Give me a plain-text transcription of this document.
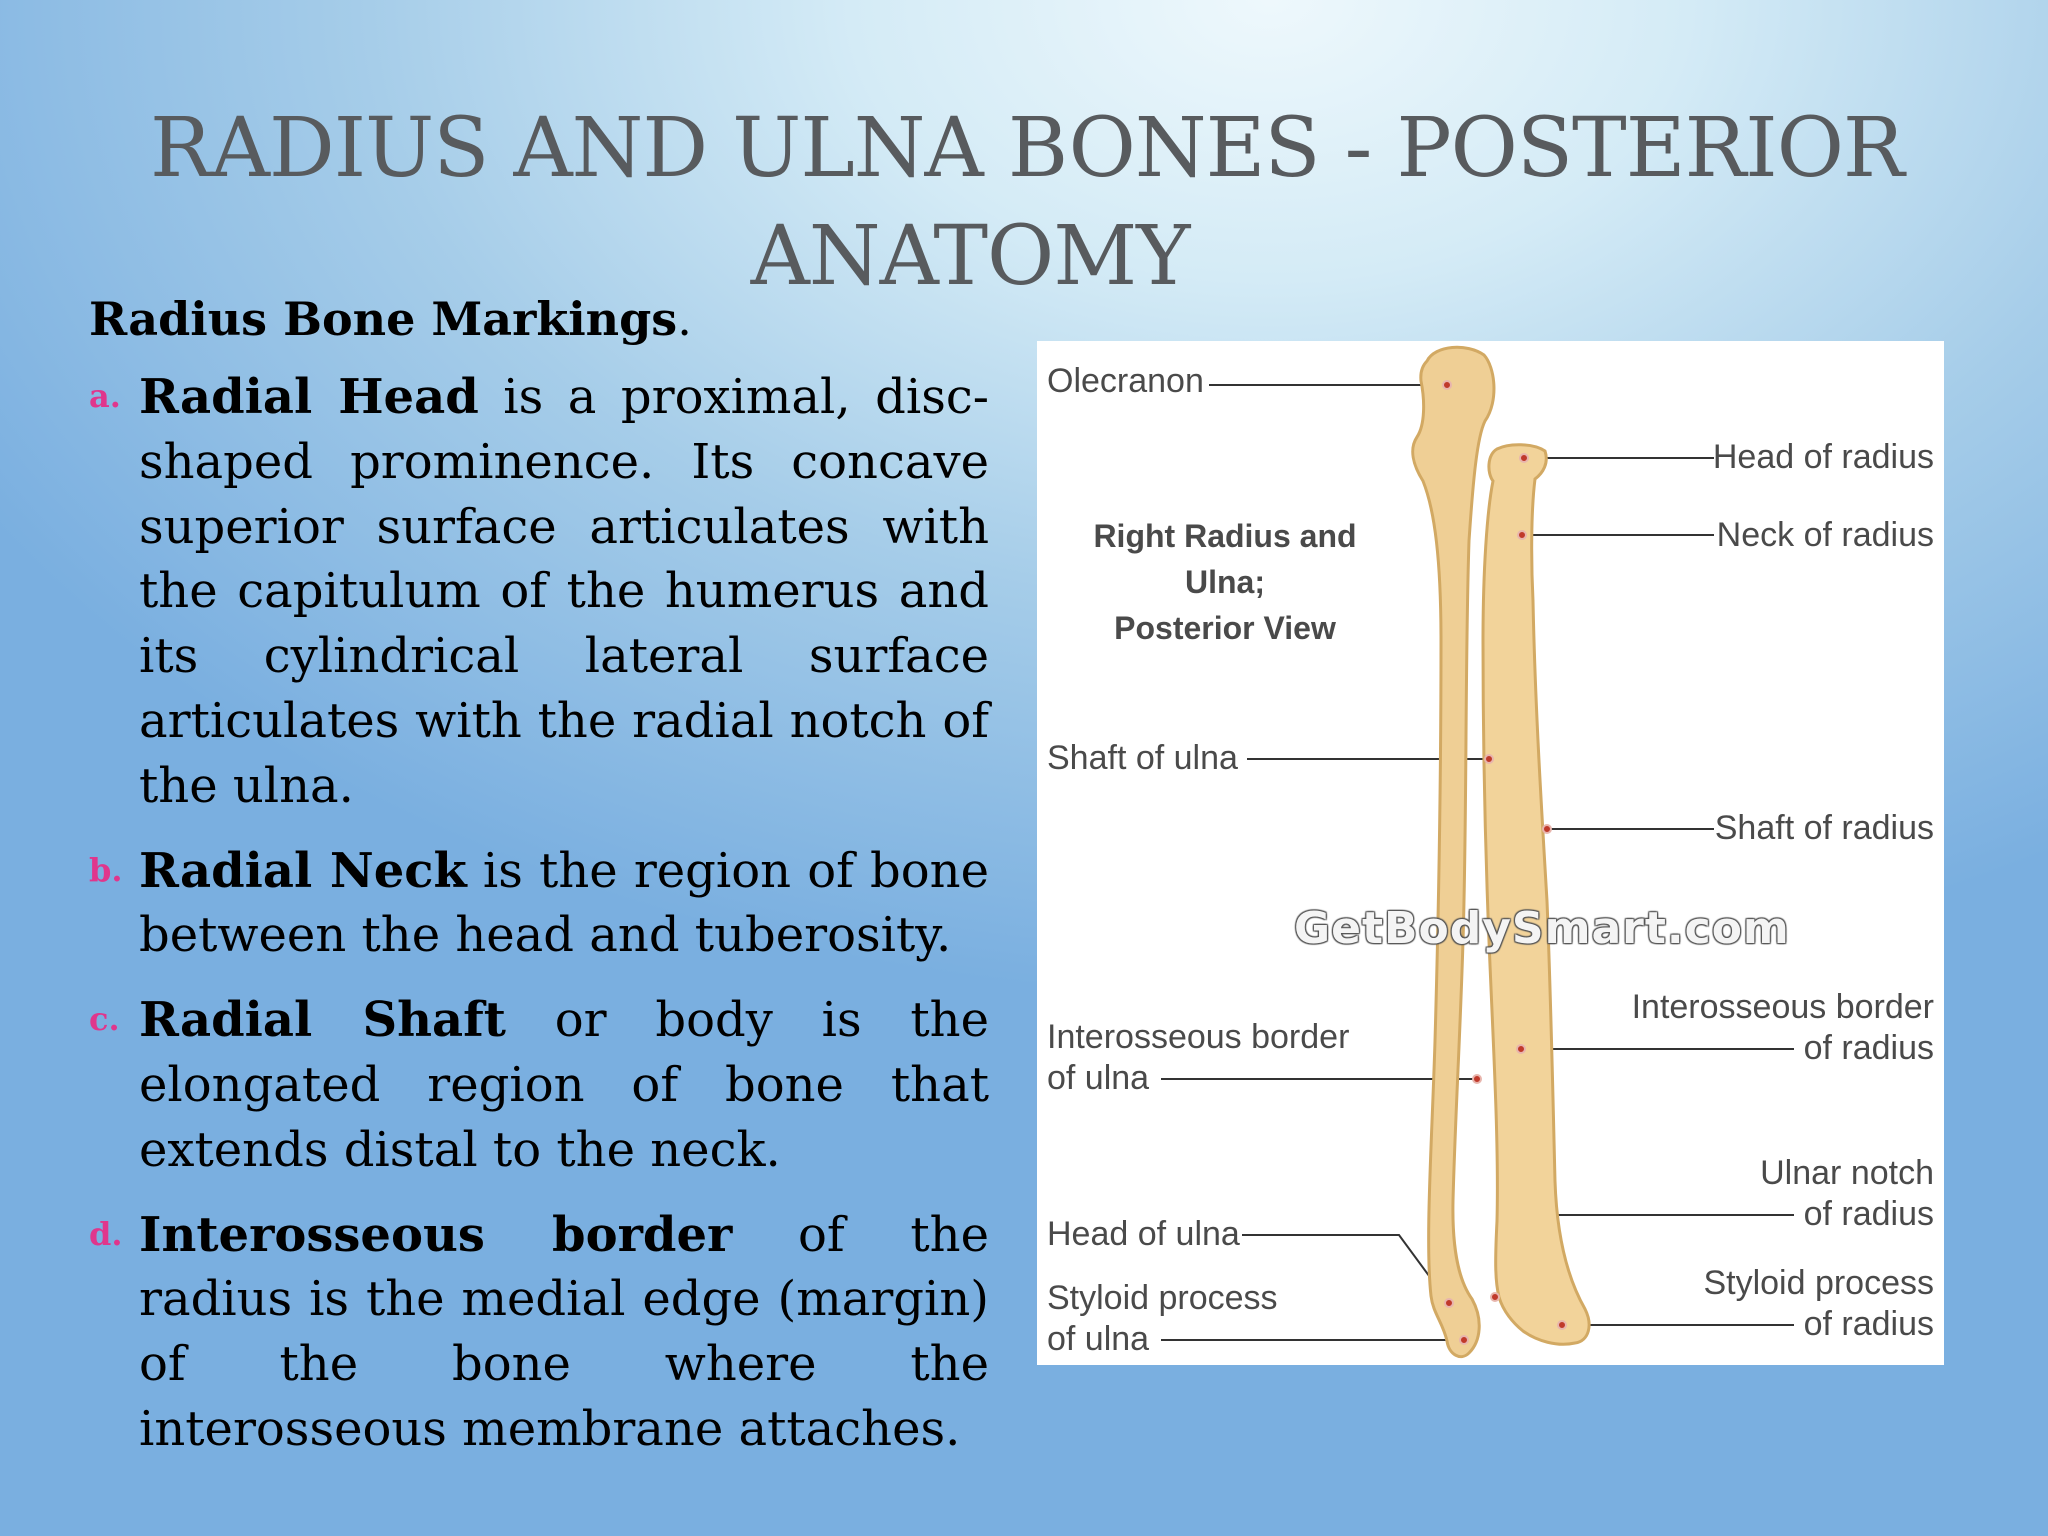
RADIUS AND ULNA BONES - POSTERIOR
ANATOMY
Radius Bone Markings.
a. Radial Head is a proximal, disc-shaped prominence. Its concave superior surface articulates with the capitulum of the humerus and its cylindrical lateral surface articulates with the radial notch of the ulna.
b. Radial Neck is the region of bone between the head and tuberosity.
c. Radial Shaft or body is the elongated region of bone that extends distal to the neck.
d. Interosseous border of the radius is the medial edge (margin) of the bone where the interosseous membrane attaches.
Right Radius and Ulna;
Posterior View
GetBodySmart.com
Olecranon
Shaft of ulna
Interosseous border
of ulna
Head of ulna
Styloid process
of ulna
Head of radius
Neck of radius
Shaft of radius
Interosseous border
of radius
Ulnar notch
of radius
Styloid process
of radius
